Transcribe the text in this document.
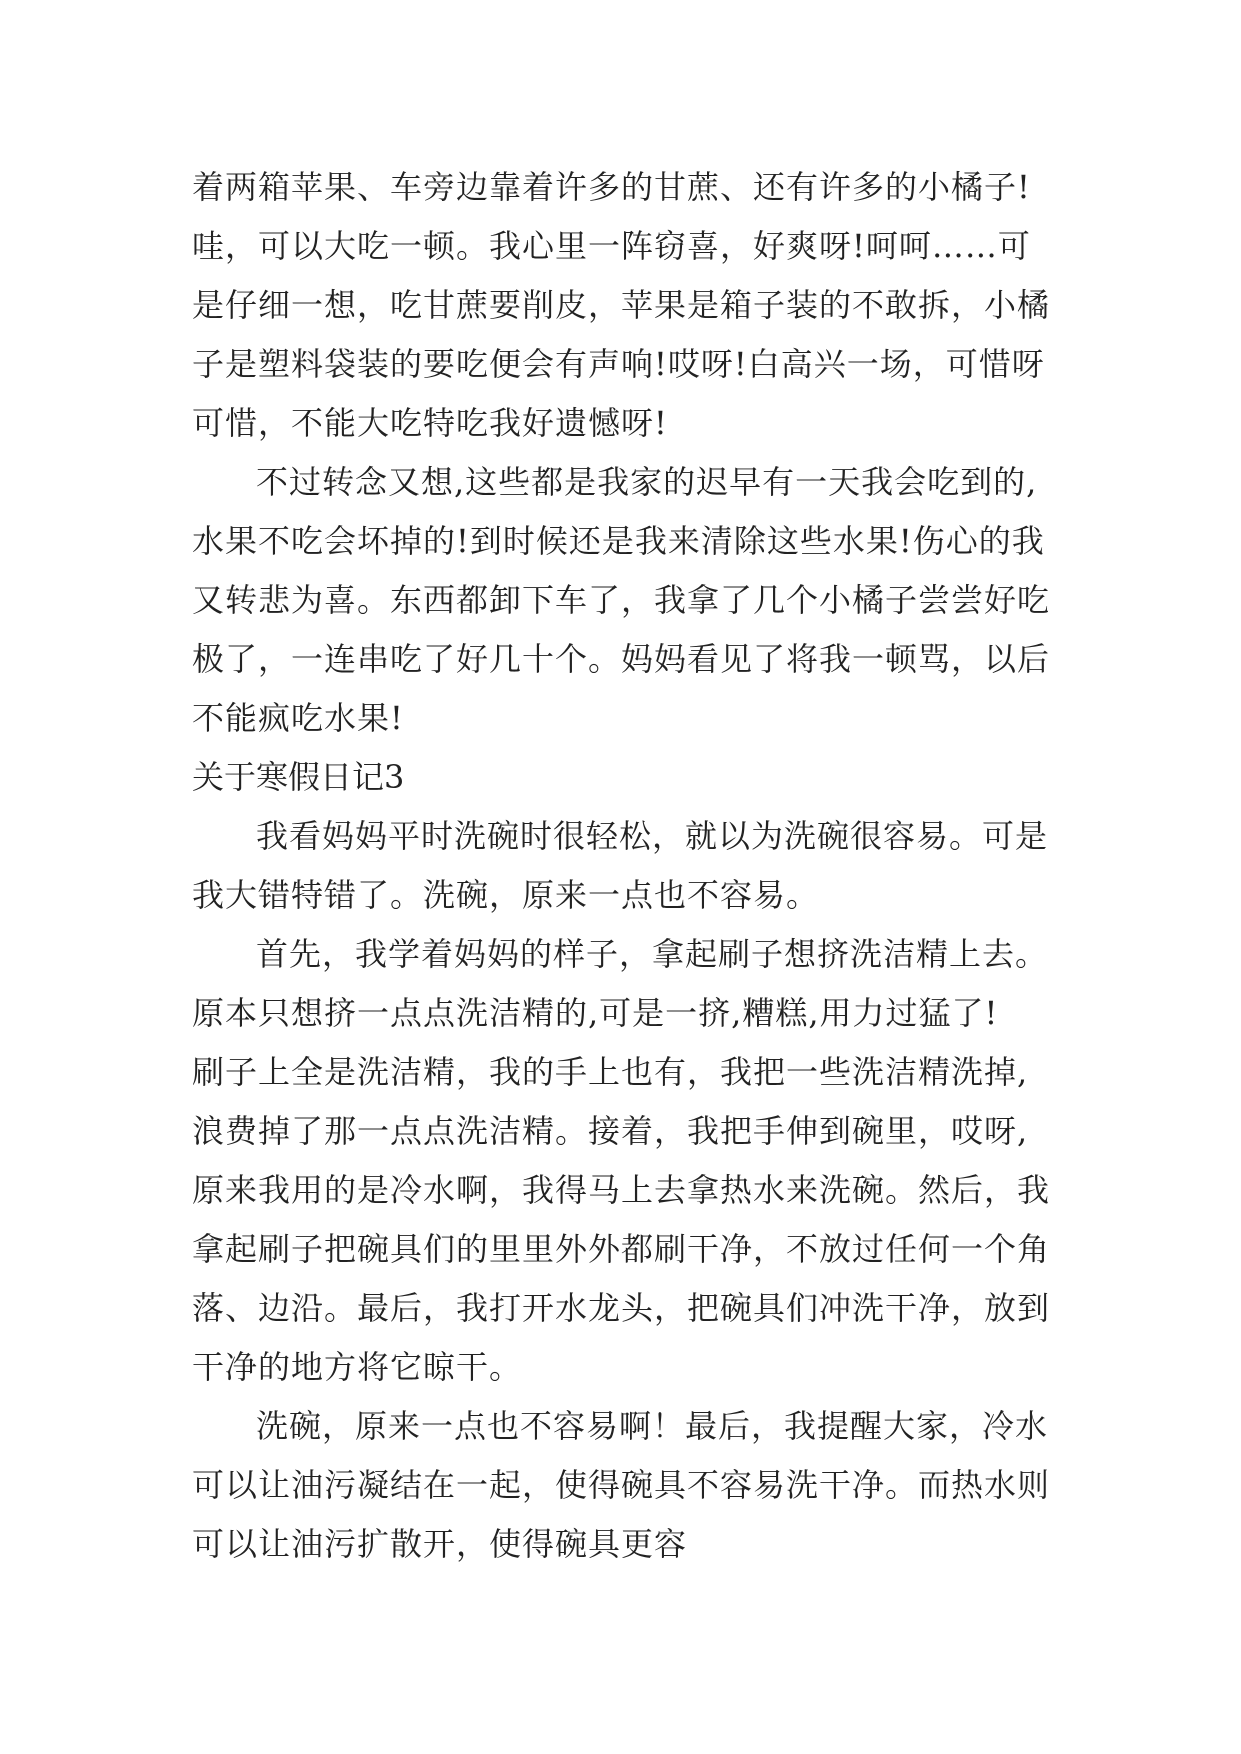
着两箱苹果、车旁边靠着许多的甘蔗、还有许多的小橘子!
哇，可以大吃一顿。我心里一阵窃喜，好爽呀!呵呵……可
是仔细一想，吃甘蔗要削皮，苹果是箱子装的不敢拆，小橘
子是塑料袋装的要吃便会有声响!哎呀!白高兴一场，可惜呀
可惜，不能大吃特吃我好遗憾呀!
不过转念又想,这些都是我家的迟早有一天我会吃到的,
水果不吃会坏掉的!到时候还是我来清除这些水果!伤心的我
又转悲为喜。东西都卸下车了，我拿了几个小橘子尝尝好吃
极了，一连串吃了好几十个。妈妈看见了将我一顿骂，以后
不能疯吃水果!
关于寒假日记3
我看妈妈平时洗碗时很轻松，就以为洗碗很容易。可是
我大错特错了。洗碗，原来一点也不容易。
首先，我学着妈妈的样子，拿起刷子想挤洗洁精上去。
原本只想挤一点点洗洁精的,可是一挤,糟糕,用力过猛了!
刷子上全是洗洁精，我的手上也有，我把一些洗洁精洗掉,
浪费掉了那一点点洗洁精。接着，我把手伸到碗里，哎呀,
原来我用的是冷水啊，我得马上去拿热水来洗碗。然后，我
拿起刷子把碗具们的里里外外都刷干净，不放过任何一个角
落、边沿。最后，我打开水龙头，把碗具们冲洗干净，放到
干净的地方将它晾干。
洗碗，原来一点也不容易啊！最后，我提醒大家，冷水
可以让油污凝结在一起，使得碗具不容易洗干净。而热水则
可以让油污扩散开，使得碗具更容
